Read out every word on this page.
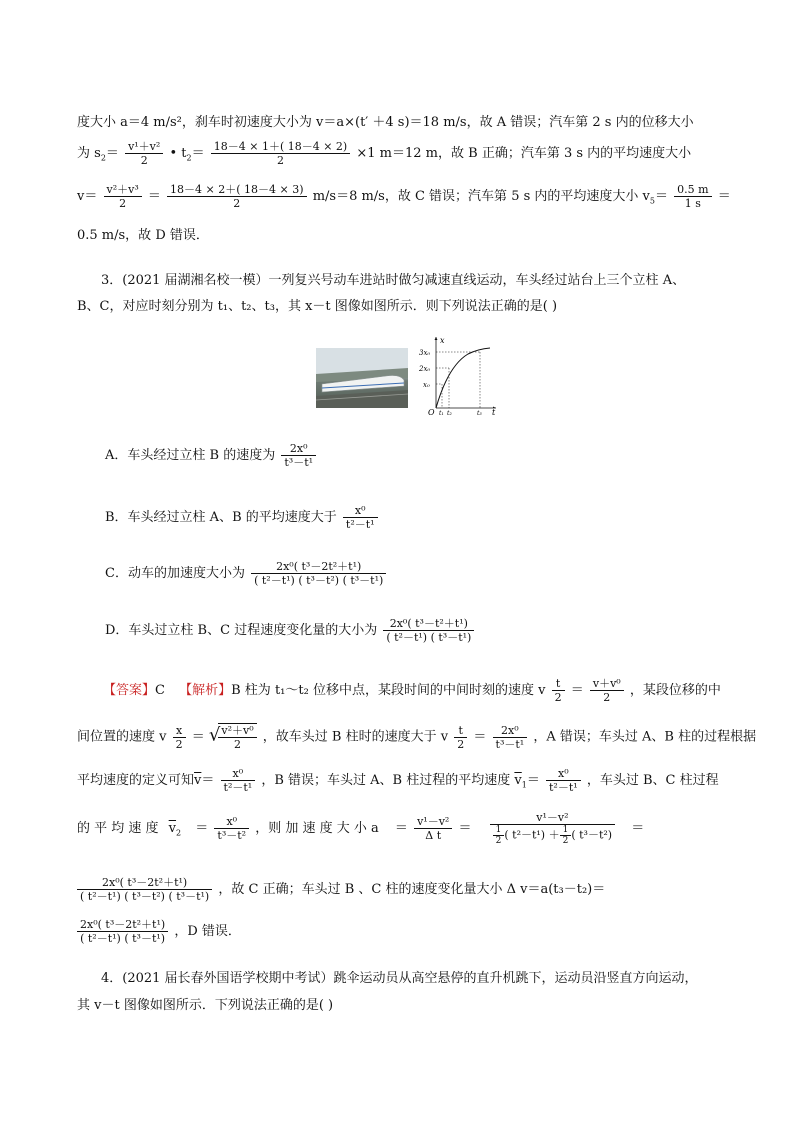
度大小 a＝4 m/s²，刹车时初速度大小为 v＝a×(t′ ＋4 s)＝18 m/s，故 A 错误；汽车第 2 s 内的位移大小
为 $s_2= \frac{\text{v¹＋v²}}{2}$ • $t_2= \frac{18-4 \times 1+( 18-4 \times 2)}{2} \times 1$ m＝12 m，故 B 正确；汽车第 3 s 内的平均速度大小
$v= \frac{\text{v²＋v³}}{2} = \frac{18-4 \times 2+( 18-4 \times 3)}{2} m/s=8$ m/s，故 C 错误；汽车第 5 s 内的平均速度大小 $v_5= \frac{0.5 m}{1 s}$ ＝
0.5 m/s，故 D 错误．
3．(2021 届湖湘名校一模）一列复兴号动车进站时做匀减速直线运动，车头经过站台上三个立柱 A、
B、C，对应时刻分别为 t₁、t₂、t₃，其 x－t 图像如图所示．则下列说法正确的是( )
x
t
O
3x₀
2x₀
x₀
t₁ t₂	t₃
A．车头经过立柱 B 的速度为 $\frac{\text{2x⁰}}{\text{t³－t¹}}$
B．车头经过立柱 A、B 的平均速度大于 $\frac{\text{x⁰}}{\text{t²－t¹}}$
C．动车的加速度大小为 $\frac{\text{2x⁰( t³－2t²＋t¹)}}{\text{( t²－t¹) ( t³－t²) ( t³－t¹)}}$
D．车头过立柱 B、C 过程速度变化量的大小为 $\frac{\text{2x⁰( t³－t²＋t¹)}}{\text{( t²－t¹) ( t³－t¹)}}$
【答案】C 【解析】B 柱为 t₁～t₂ 位移中点，某段时间的中间时刻的速度 v $\frac{t}{2} = \frac{\text{v＋v⁰}}{2}$ ，某段位移的中
间位置的速度 v $\frac{x}{2}$ ＝ √
$\frac{\text{v²＋v⁰}}{2}$ ，故车头过 B 柱时的速度大于 v $\frac{t}{2} = \frac{\text{2x⁰}}{\text{t³－t¹}}$ ，A 错误；车头过 A、B 柱的过程根据
平均速度的定义可知$\overline{v}= \frac{\text{x⁰}}{\text{t²－t¹}}$ ，B 错误；车头过 A、B 柱过程的平均速度 $\overline{v}_1= \frac{\text{x⁰}}{\text{t²－t¹}}$ ，车头过 B、C 柱过程
的 平 均 速 度 $\overline{v}_2 = \frac{\text{x⁰}}{\text{t³－t²}}$ ，则 加 速 度 大 小 $a = \frac{\text{v¹－v²}}{\text{Δ t}} = \frac{\text{v¹－v²}}{\frac{1}{2} ( t^2-t^1) + \frac{1}{2} ( t^3-t^2)}$ ＝
$\frac{\text{2x⁰( t³－2t²＋t¹)}}{\text{( t²－t¹) ( t³－t²) ( t³－t¹)}}$ ，故 C 正确；车头过 B 、C 柱的速度变化量大小 Δ v＝a(t₃－t₂)＝
$\frac{\text{2x⁰( t³－2t²＋t¹)}}{\text{( t²－t¹) ( t³－t¹)}}$ ，D 错误．
4．(2021 届长春外国语学校期中考试）跳伞运动员从高空悬停的直升机跳下，运动员沿竖直方向运动，
其 v－t 图像如图所示．下列说法正确的是( )
